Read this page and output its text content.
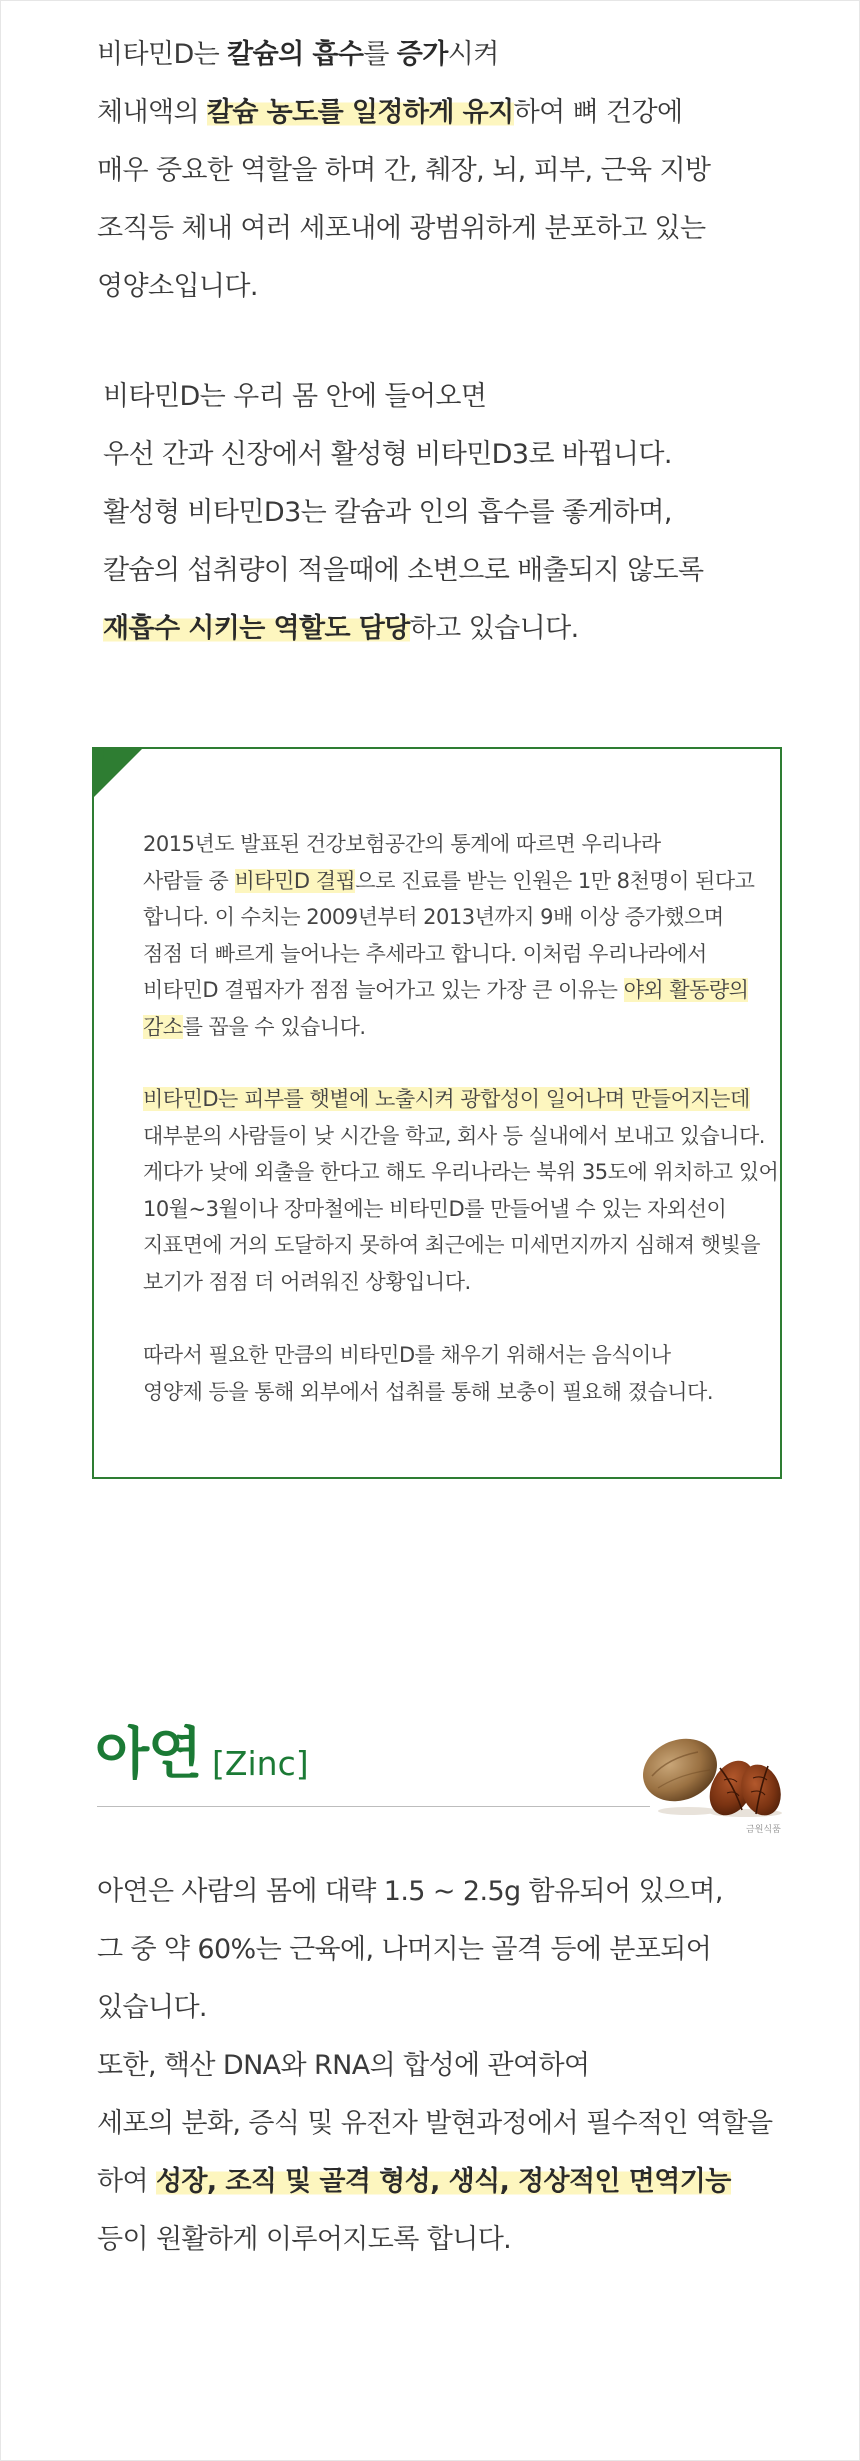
비타민D는 칼슘의 흡수를 증가시켜
체내액의 칼슘 농도를 일정하게 유지하여 뼈 건강에
매우 중요한 역할을 하며 간, 췌장, 뇌, 피부, 근육 지방
조직등 체내 여러 세포내에 광범위하게 분포하고 있는
영양소입니다.
비타민D는 우리 몸 안에 들어오면
우선 간과 신장에서 활성형 비타민D3로 바뀝니다.
활성형 비타민D3는 칼슘과 인의 흡수를 좋게하며,
칼슘의 섭취량이 적을때에 소변으로 배출되지 않도록
재흡수 시키는 역할도 담당하고 있습니다.
+
2015년도 발표된 건강보험공간의 통계에 따르면 우리나라
사람들 중 비타민D 결핍으로 진료를 받는 인원은 1만 8천명이 된다고
합니다. 이 수치는 2009년부터 2013년까지 9배 이상 증가했으며
점점 더 빠르게 늘어나는 추세라고 합니다. 이처럼 우리나라에서
비타민D 결핍자가 점점 늘어가고 있는 가장 큰 이유는 야외 활동량의
감소를 꼽을 수 있습니다.
비타민D는 피부를 햇볕에 노출시켜 광합성이 일어나며 만들어지는데
대부분의 사람들이 낮 시간을 학교, 회사 등 실내에서 보내고 있습니다.
게다가 낮에 외출을 한다고 해도 우리나라는 북위 35도에 위치하고 있어
10월~3월이나 장마철에는 비타민D를 만들어낼 수 있는 자외선이
지표면에 거의 도달하지 못하여 최근에는 미세먼지까지 심해져 햇빛을
보기가 점점 더 어려워진 상황입니다.
따라서 필요한 만큼의 비타민D를 채우기 위해서는 음식이나
영양제 등을 통해 외부에서 섭취를 통해 보충이 필요해 졌습니다.
아연 [Zinc]
금원식품
아연은 사람의 몸에 대략 1.5 ~ 2.5g 함유되어 있으며,
그 중 약 60%는 근육에, 나머지는 골격 등에 분포되어
있습니다.
또한, 핵산 DNA와 RNA의 합성에 관여하여
세포의 분화, 증식 및 유전자 발현과정에서 필수적인 역할을
하여 성장, 조직 및 골격 형성, 생식, 정상적인 면역기능
등이 원활하게 이루어지도록 합니다.
